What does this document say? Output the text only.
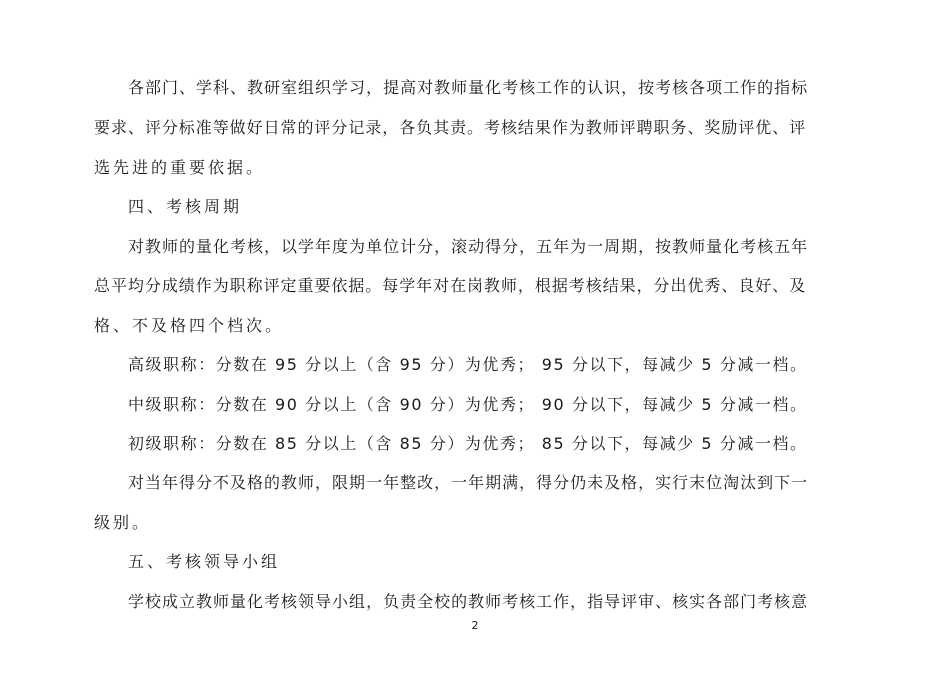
各部门、学科、教研室组织学习，提高对教师量化考核工作的认识，按考核各项工作的指标

要求、评分标准等做好日常的评分记录，各负其责。考核结果作为教师评聘职务、奖励评优、评

选先进的重要依据。

四、考核周期

对教师的量化考核，以学年度为单位计分，滚动得分，五年为一周期，按教师量化考核五年

总平均分成绩作为职称评定重要依据。每学年对在岗教师，根据考核结果，分出优秀、良好、及

格、不及格四个档次。

高级职称：分数在 95 分以上（含 95 分）为优秀； 95 分以下，每减少 5 分减一档。

中级职称：分数在 90 分以上（含 90 分）为优秀； 90 分以下，每减少 5 分减一档。

初级职称：分数在 85 分以上（含 85 分）为优秀； 85 分以下，每减少 5 分减一档。

对当年得分不及格的教师，限期一年整改，一年期满，得分仍未及格，实行末位淘汰到下一

级别。

五、考核领导小组

学校成立教师量化考核领导小组，负责全校的教师考核工作，指导评审、核实各部门考核意

2
